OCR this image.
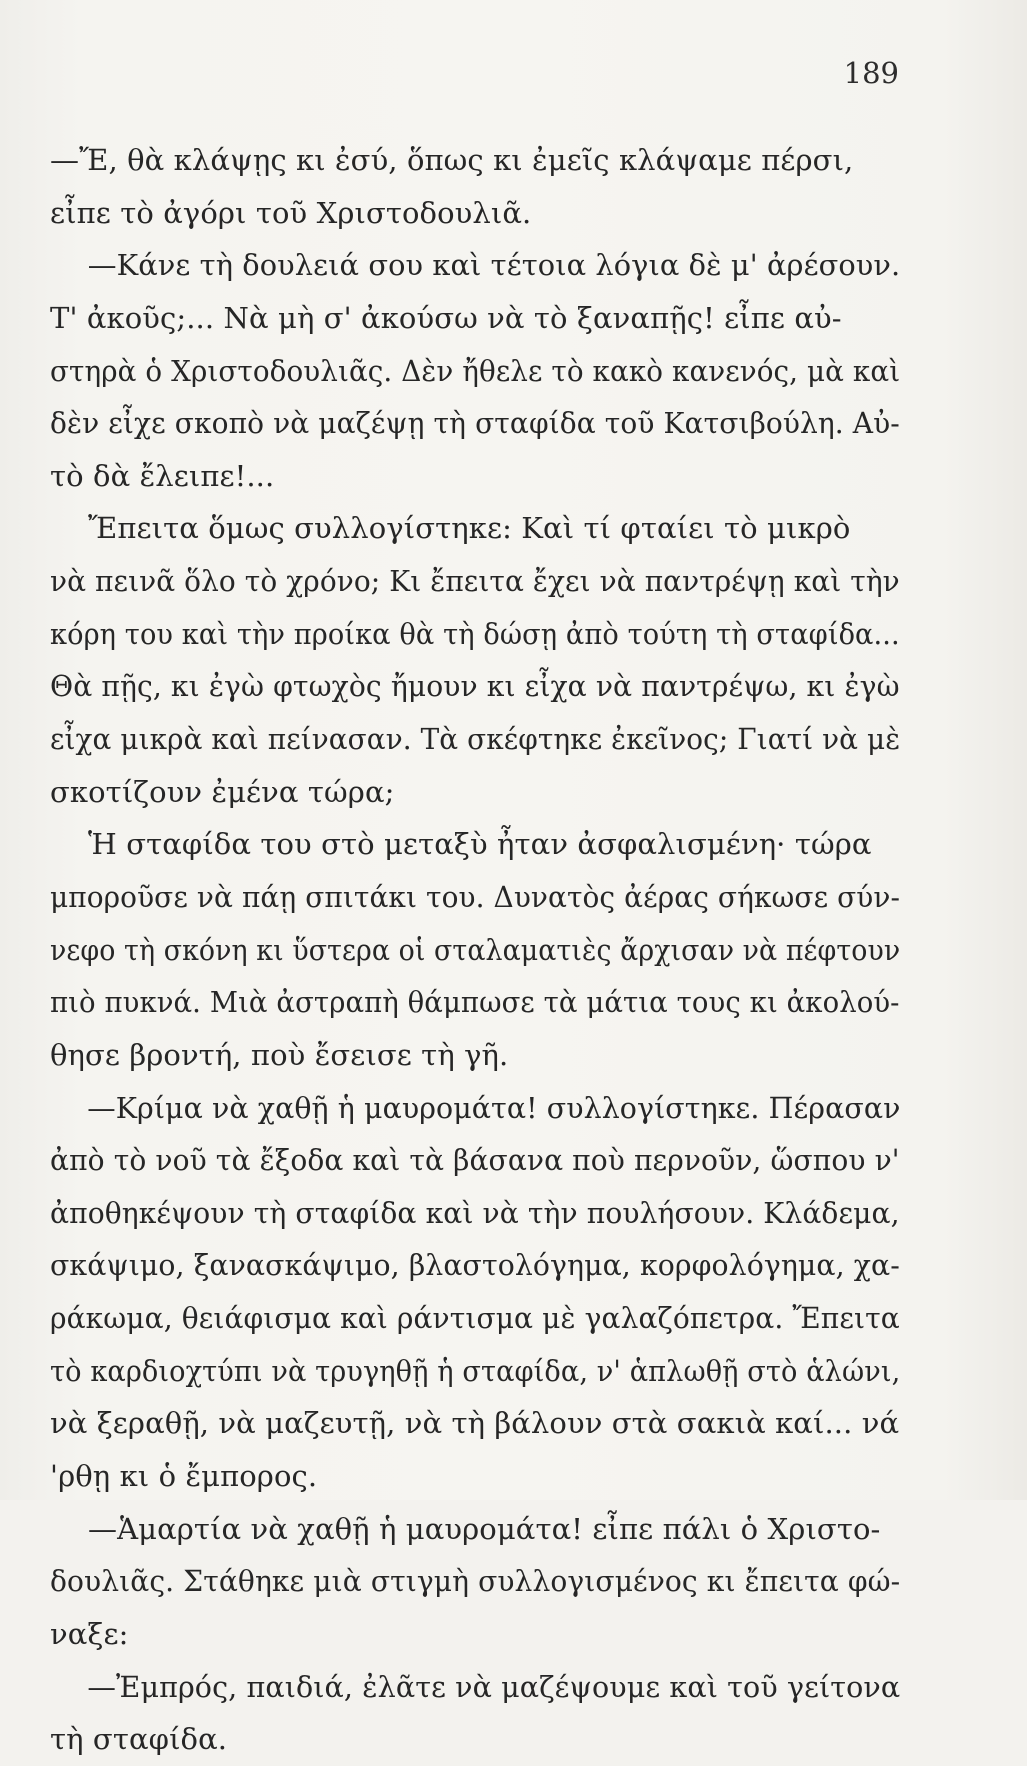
189
—Ἔ, θὰ κλάψῃς κι ἐσύ, ὅπως κι ἐμεῖς κλάψαμε πέρσι,
εἶπε τὸ ἀγόρι τοῦ Χριστοδουλιᾶ.
—Κάνε τὴ δουλειά σου καὶ τέτοια λόγια δὲ μ' ἀρέσουν.
Τ' ἀκοῦς;... Νὰ μὴ σ' ἀκούσω νὰ τὸ ξαναπῇς! εἶπε αὐ-
στηρὰ ὁ Χριστοδουλιᾶς. Δὲν ἤθελε τὸ κακὸ κανενός, μὰ καὶ
δὲν εἶχε σκοπὸ νὰ μαζέψῃ τὴ σταφίδα τοῦ Κατσιβούλη. Αὐ-
τὸ δὰ ἔλειπε!...
Ἔπειτα ὅμως συλλογίστηκε: Καὶ τί φταίει τὸ μικρὸ
νὰ πεινᾶ ὅλο τὸ χρόνο; Κι ἔπειτα ἔχει νὰ παντρέψῃ καὶ τὴν
κόρη του καὶ τὴν προίκα θὰ τὴ δώσῃ ἀπὸ τούτη τὴ σταφίδα...
Θὰ πῇς, κι ἐγὼ φτωχὸς ἤμουν κι εἶχα νὰ παντρέψω, κι ἐγὼ
εἶχα μικρὰ καὶ πείνασαν. Τὰ σκέφτηκε ἐκεῖνος; Γιατί νὰ μὲ
σκοτίζουν ἐμένα τώρα;
Ἡ σταφίδα του στὸ μεταξὺ ἦταν ἀσφαλισμένη· τώρα
μποροῦσε νὰ πάῃ σπιτάκι του. Δυνατὸς ἀέρας σήκωσε σύν-
νεφο τὴ σκόνη κι ὕστερα οἱ σταλαματιὲς ἄρχισαν νὰ πέφτουν
πιὸ πυκνά. Μιὰ ἀστραπὴ θάμπωσε τὰ μάτια τους κι ἀκολού-
θησε βροντή, ποὺ ἔσεισε τὴ γῆ.
—Κρίμα νὰ χαθῇ ἡ μαυρομάτα! συλλογίστηκε. Πέρασαν
ἀπὸ τὸ νοῦ τὰ ἔξοδα καὶ τὰ βάσανα ποὺ περνοῦν, ὥσπου ν'
ἀποθηκέψουν τὴ σταφίδα καὶ νὰ τὴν πουλήσουν. Κλάδεμα,
σκάψιμο, ξανασκάψιμο, βλαστολόγημα, κορφολόγημα, χα-
ράκωμα, θειάφισμα καὶ ράντισμα μὲ γαλαζόπετρα. Ἔπειτα
τὸ καρδιοχτύπι νὰ τρυγηθῇ ἡ σταφίδα, ν' ἁπλωθῇ στὸ ἁλώνι,
νὰ ξεραθῇ, νὰ μαζευτῇ, νὰ τὴ βάλουν στὰ σακιὰ καί... νά
'ρθῃ κι ὁ ἔμπορος.
—Ἁμαρτία νὰ χαθῇ ἡ μαυρομάτα! εἶπε πάλι ὁ Χριστο-
δουλιᾶς. Στάθηκε μιὰ στιγμὴ συλλογισμένος κι ἔπειτα φώ-
ναξε:
—Ἐμπρός, παιδιά, ἐλᾶτε νὰ μαζέψουμε καὶ τοῦ γείτονα
τὴ σταφίδα.
